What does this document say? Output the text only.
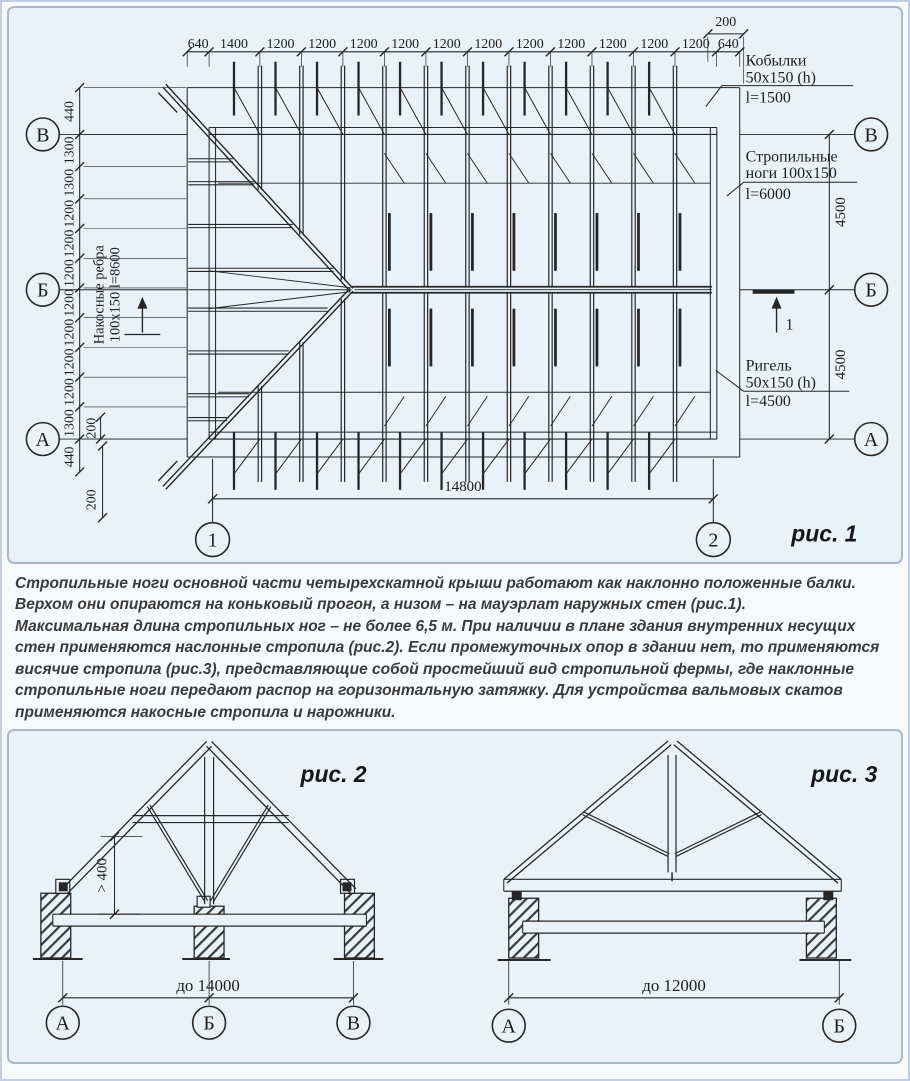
1
640 1400 1200 1200 1200 1200 1200 1200 1200 1200 1200 1200 1200 640
200
440
1300
1300
1200
1200
1200
1200
1200
1200
1200
1300 200
440
200
Накосные ребра 100х150 l=8600
4500
4500
Кобылки
50х150 (h)
l=1500
Стропильные
ноги 100х150
l=6000
Ригель
50х150 (h)
l=4500
14800
В
Б
А
В
Б
А
1	2	рис. 1
Стропильные ноги основной части четырехскатной крыши работают как наклонно положенные балки.
Верхом они опираются на коньковый прогон, а низом – на мауэрлат наружных стен (рис.1).
Максимальная длина стропильных ног – не более 6,5 м. При наличии в плане здания внутренних несущих
стен применяются наслонные стропила (рис.2). Если промежуточных опор в здании нет, то применяются
висячие стропила (рис.3), представляющие собой простейший вид стропильной фермы, где наклонные
стропильные ноги передают распор на горизонтальную затяжку. Для устройства вальмовых скатов
применяются накосные стропила и нарожники.
> 400
до 14000
А	Б	В
рис. 2
до 12000
А	Б
рис. 3
